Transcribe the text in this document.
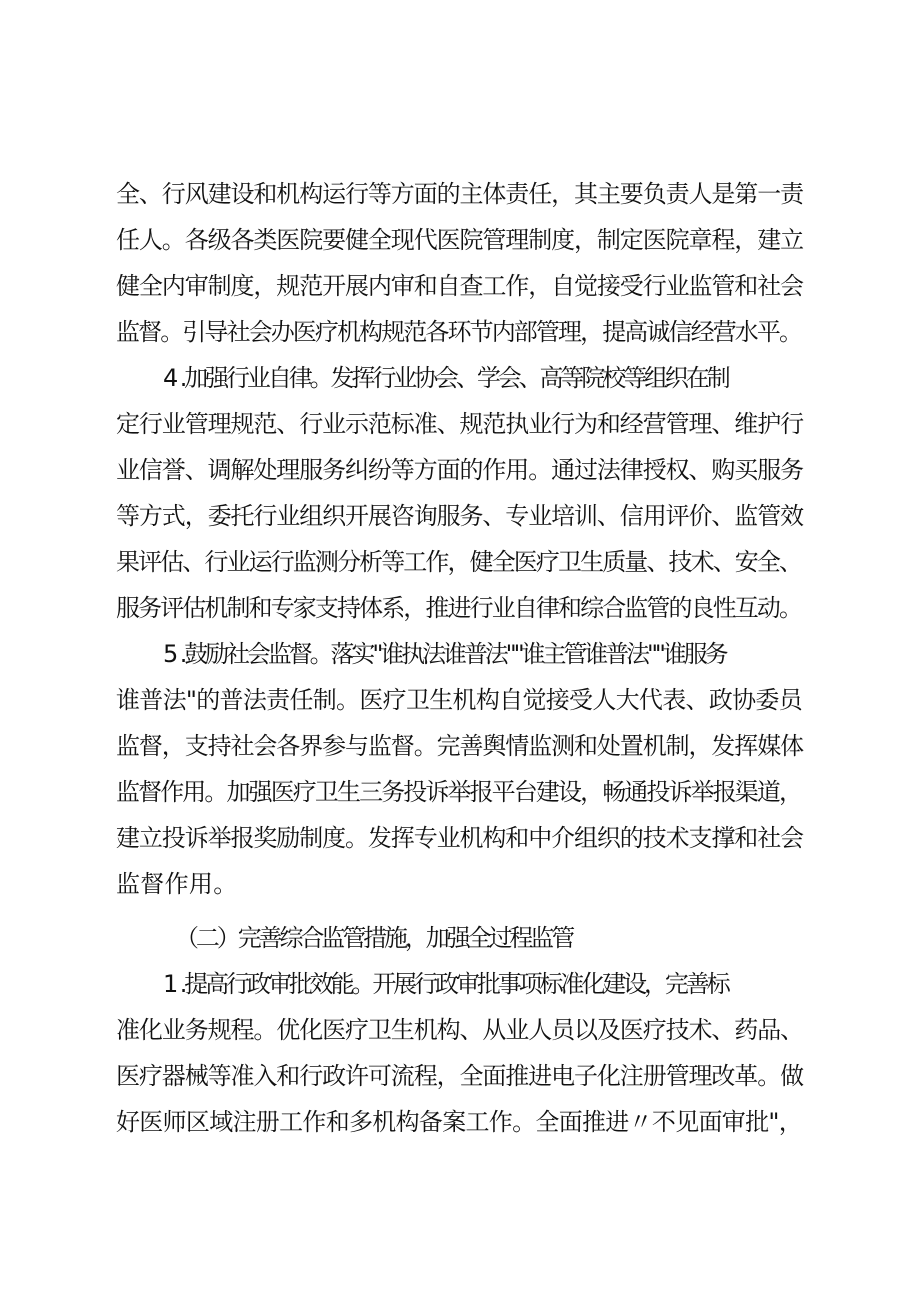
全、行风建设和机构运行等方面的主体责任，其主要负责人是第一责
任人。各级各类医院要健全现代医院管理制度，制定医院章程，建立
健全内审制度，规范开展内审和自查工作，自觉接受行业监管和社会
监督。引导社会办医疗机构规范各环节内部管理，提高诚信经营水平。
4 .加强行业自律。发挥行业协会、学会、高等院校等组织在制
定行业管理规范、行业示范标准、规范执业行为和经营管理、维护行
业信誉、调解处理服务纠纷等方面的作用。通过法律授权、购买服务
等方式，委托行业组织开展咨询服务、专业培训、信用评价、监管效
果评估、行业运行监测分析等工作，健全医疗卫生质量、技术、安全、
服务评估机制和专家支持体系，推进行业自律和综合监管的良性互动。
5 .鼓励社会监督。落实"谁执法谁普法""谁主管谁普法""谁服务
谁普法"的普法责任制。医疗卫生机构自觉接受人大代表、政协委员
监督，支持社会各界参与监督。完善舆情监测和处置机制，发挥媒体
监督作用。加强医疗卫生三务投诉举报平台建设，畅通投诉举报渠道，
建立投诉举报奖励制度。发挥专业机构和中介组织的技术支撑和社会
监督作用。
（二）完善综合监管措施，加强全过程监管
1 .提高行政审批效能。开展行政审批事项标准化建设，完善标
准化业务规程。优化医疗卫生机构、从业人员以及医疗技术、药品、
医疗器械等准入和行政许可流程，全面推进电子化注册管理改革。做
好医师区域注册工作和多机构备案工作。全面推进〃不见面审批"，
